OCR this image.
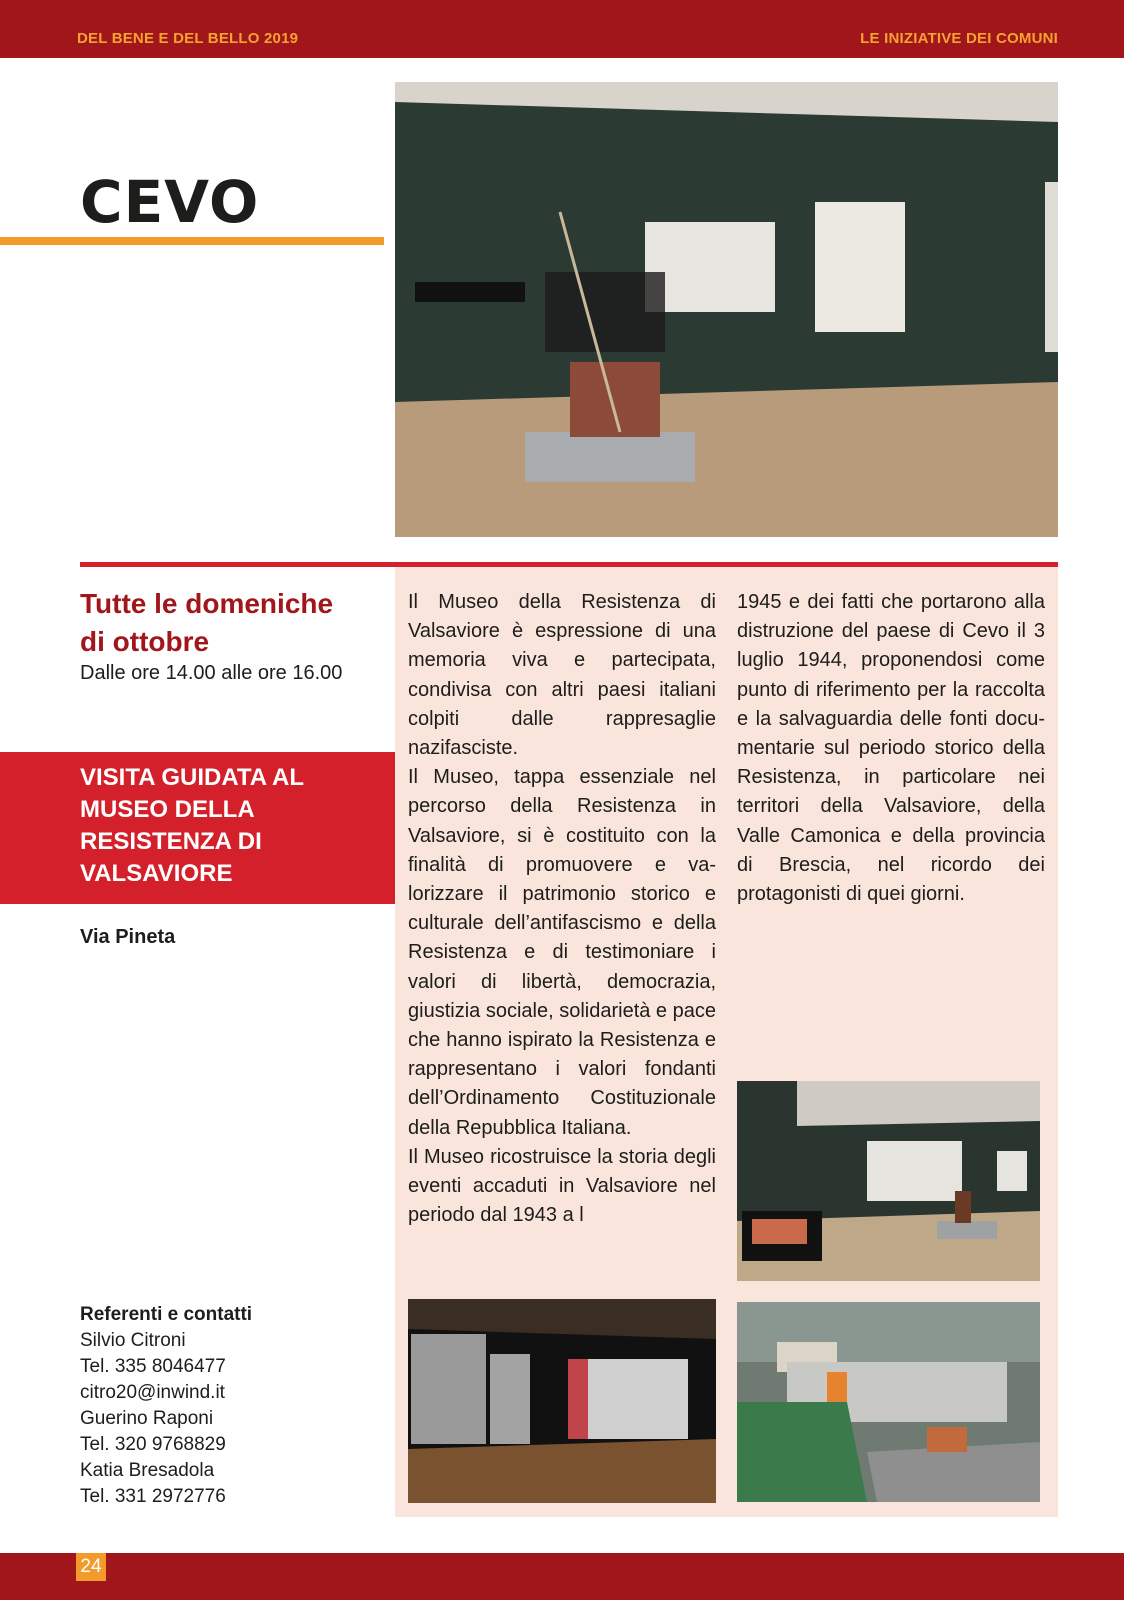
DEL BENE E DEL BELLO 2019	LE INIZIATIVE DEI COMUNI
CEVO
Tutte le domeniche
di ottobre
Dalle ore 14.00 alle ore 16.00
VISITA GUIDATA AL
MUSEO DELLA
RESISTENZA DI
VALSAVIORE
Via Pineta

Il Museo della Resistenza di Valsaviore è espressione di una memoria viva e partecipata, condivisa con altri paesi italiani colpiti dalle rappresaglie nazifasciste.

Il Museo, tappa essenziale nel percorso della Resistenza in Valsaviore, si è costituito con la finalità di promuovere e valorizzare il patrimonio storico e culturale dell’antifascismo e della Resistenza e di testimoniare i valori di libertà, democrazia, giustizia sociale, solidarietà e pace che hanno ispirato la Resistenza e rappresentano i valori fondanti dell’Ordinamento Costituzionale della Repubblica Italiana.

Il Museo ricostruisce la storia degli eventi accaduti in Valsaviore nel periodo dal 1943 a l

1945 e dei fatti che portarono alla distruzione del paese di Cevo il 3 luglio 1944, proponendosi come punto di riferimento per la raccolta e la salvaguardia delle fonti documentarie sul periodo storico della Resistenza, in particolare nei territori della Valsaviore, della Valle Camonica e della provincia di Brescia, nel ricordo dei protagonisti di quei giorni.

Referenti e contatti
Silvio Citroni
Tel. 335 8046477
citro20@inwind.it
Guerino Raponi
Tel. 320 9768829
Katia Bresadola
Tel. 331 2972776
24
